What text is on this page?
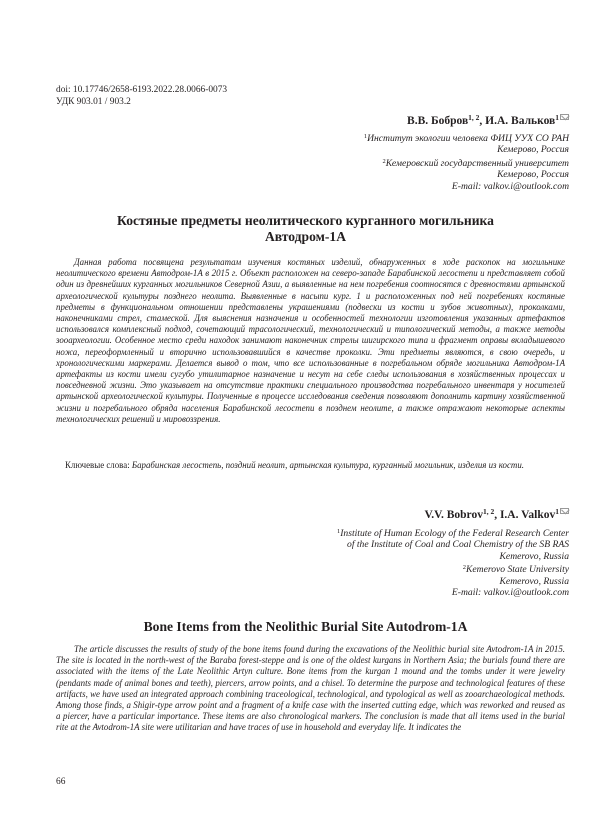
doi: 10.17746/2658-6193.2022.28.0066-0073
УДК 903.01 / 903.2
В.В. Бобров$^{1, 2}$, И.А. Вальков$^1$
$^1$Институт экологии человека ФИЦ УУХ СО РАН
Кемерово, Россия
$^2$Кемеровский государственный университет
Кемерово, Россия
E-mail: valkov.i@outlook.com
Костяные предметы неолитического курганного могильника
Автодром-1А
Данная работа посвящена результатам изучения костяных изделий, обнаруженных в ходе раскопок на могильнике неолитического времени Автодром-1А в 2015 г. Объект расположен на северо-западе Барабинской лесостепи и представляет собой один из древнейших курганных могильников Северной Азии, а выявленные на нем погребения соотносятся с древностями артынской археологической культуры позднего неолита. Выявленные в насыпи кург. 1 и расположенных под ней погребениях костяные предметы в функциональном отношении представлены украшениями (подвески из кости и зубов животных), проколками, наконечниками стрел, стамеской. Для выяснения назначения и особенностей технологии изготовления указанных артефактов использовался комплексный подход, сочетающий трасологический, технологический и типологический методы, а также методы зооархеологии. Особенное место среди находок занимают наконечник стрелы шигирского типа и фрагмент оправы вкладышевого ножа, переоформленный и вторично использовавшийся в качестве проколки. Эти предметы являются, в свою очередь, и хронологическими маркерами. Делается вывод о том, что все использованные в погребальном обряде могильника Автодром-1А артефакты из кости имели сугубо утилитарное назначение и несут на себе следы использования в хозяйственных процессах и повседневной жизни. Это указывает на отсутствие практики специального производства погребального инвентаря у носителей артынской археологической культуры. Полученные в процессе исследования сведения позволяют дополнить картину хозяйственной жизни и погребального обряда населения Барабинской лесостепи в позднем неолите, а также отражают некоторые аспекты технологических решений и мировоззрения.
Ключевые слова: Барабинская лесостепь, поздний неолит, артынская культура, курганный могильник, изделия из кости.
V.V. Bobrov$^{1, 2}$, I.A. Valkov$^1$
$^1$Institute of Human Ecology of the Federal Research Center
of the Institute of Coal and Coal Chemistry of the SB RAS
Kemerovo, Russia
$^2$Kemerovo State University
Kemerovo, Russia
E-mail: valkov.i@outlook.com
Bone Items from the Neolithic Burial Site Autodrom-1A
The article discusses the results of study of the bone items found during the excavations of the Neolithic burial site Avtodrom-1A in 2015. The site is located in the north-west of the Baraba forest-steppe and is one of the oldest kurgans in Northern Asia; the burials found there are associated with the items of the Late Neolithic Artyn culture. Bone items from the kurgan 1 mound and the tombs under it were jewelry (pendants made of animal bones and teeth), piercers, arrow points, and a chisel. To determine the purpose and technological features of these artifacts, we have used an integrated approach combining traceological, technological, and typological as well as zooarchaeological methods. Among those finds, a Shigir-type arrow point and a fragment of a knife case with the inserted cutting edge, which was reworked and reused as a piercer, have a particular importance. These items are also chronological markers. The conclusion is made that all items used in the burial rite at the Avtodrom-1A site were utilitarian and have traces of use in household and everyday life. It indicates the
66
